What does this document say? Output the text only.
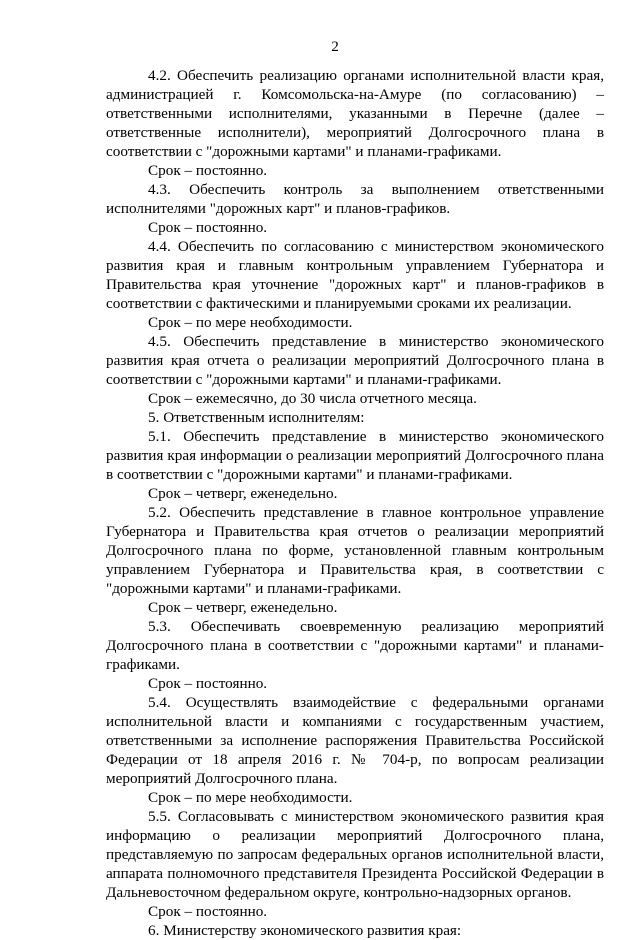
2

4.2. Обеспечить реализацию органами исполнительной власти края, администрацией г. Комсомольска-на-Амуре (по согласованию) – ответственными исполнителями, указанными в Перечне (далее – ответственные исполнители), мероприятий Долгосрочного плана в соответствии с "дорожными картами" и планами-графиками.

Срок – постоянно.

4.3. Обеспечить контроль за выполнением ответственными исполнителями "дорожных карт" и планов-графиков.

Срок – постоянно.

4.4. Обеспечить по согласованию с министерством экономического развития края и главным контрольным управлением Губернатора и Правительства края уточнение "дорожных карт" и планов-графиков в соответствии с фактическими и планируемыми сроками их реализации.

Срок – по мере необходимости.

4.5. Обеспечить представление в министерство экономического развития края отчета о реализации мероприятий Долгосрочного плана в соответствии с "дорожными картами" и планами-графиками.

Срок – ежемесячно, до 30 числа отчетного месяца.

5. Ответственным исполнителям:

5.1. Обеспечить представление в министерство экономического развития края информации о реализации мероприятий Долгосрочного плана в соответствии с "дорожными картами" и планами-графиками.

Срок – четверг, еженедельно.

5.2. Обеспечить представление в главное контрольное управление Губернатора и Правительства края отчетов о реализации мероприятий Долгосрочного плана по форме, установленной главным контрольным управлением Губернатора и Правительства края, в соответствии с "дорожными картами" и планами-графиками.

Срок – четверг, еженедельно.

5.3. Обеспечивать своевременную реализацию мероприятий Долгосрочного плана в соответствии с "дорожными картами" и планами-графиками.

Срок – постоянно.

5.4. Осуществлять взаимодействие с федеральными органами исполнительной власти и компаниями с государственным участием, ответственными за исполнение распоряжения Правительства Российской Федерации от 18 апреля 2016 г. № 704-р, по вопросам реализации мероприятий Долгосрочного плана.

Срок – по мере необходимости.

5.5. Согласовывать с министерством экономического развития края информацию о реализации мероприятий Долгосрочного плана, представляемую по запросам федеральных органов исполнительной власти, аппарата полномочного представителя Президента Российской Федерации в Дальневосточном федеральном округе, контрольно-надзорных органов.

Срок – постоянно.

6. Министерству экономического развития края:
